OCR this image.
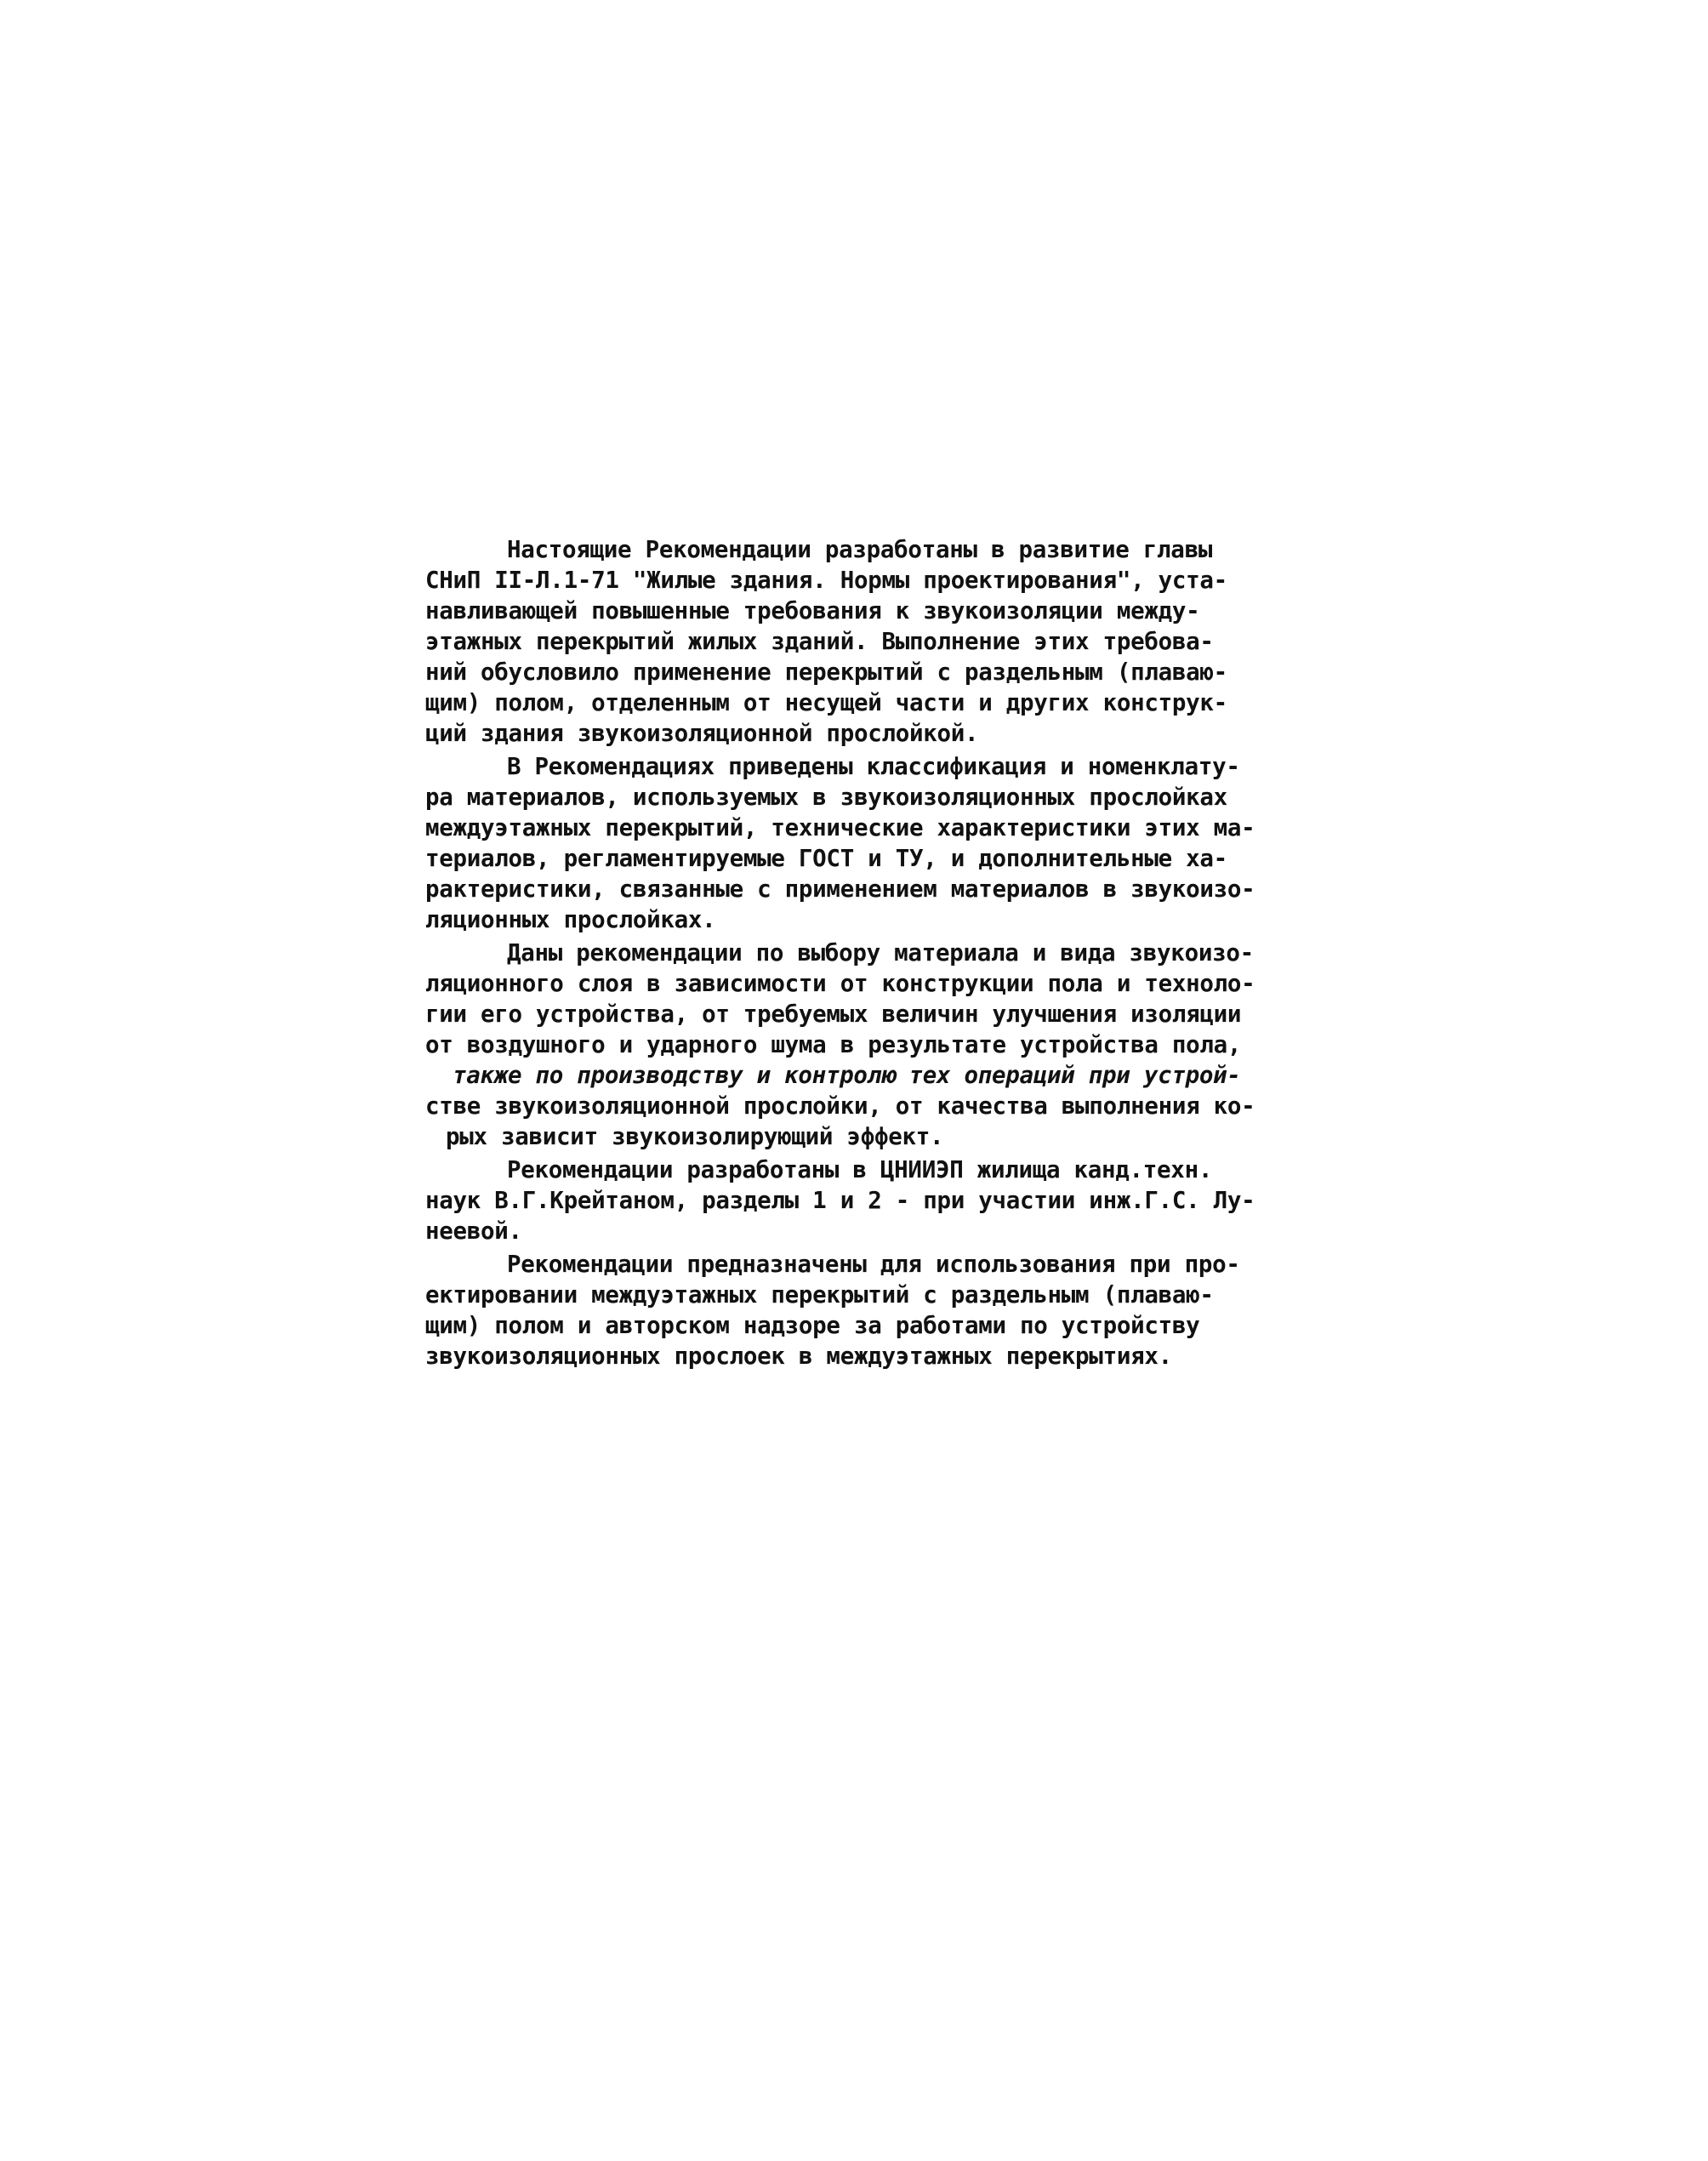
Настоящие Рекомендации разработаны в развитие главы
СНиП II-Л.1-71 "Жилые здания. Нормы проектирования", уста-
навливающей повышенные требования к звукоизоляции между-
этажных перекрытий жилых зданий. Выполнение этих требова-
ний обусловило применение перекрытий с раздельным (плаваю-
щим) полом, отделенным от несущей части и других конструк-
ций здания звукоизоляционной прослойкой.
В Рекомендациях приведены классификация и номенклату-
ра материалов, используемых в звукоизоляционных прослойках
междуэтажных перекрытий, технические характеристики этих ма-
териалов, регламентируемые ГОСТ и ТУ, и дополнительные ха-
рактеристики, связанные с применением материалов в звукоизо-
ляционных прослойках.
Даны рекомендации по выбору материала и вида звукоизо-
ляционного слоя в зависимости от конструкции пола и техноло-
гии его устройства, от требуемых величин улучшения изоляции
от воздушного и ударного шума в результате устройства пола,
также по производству и контролю тех операций при устрой-
стве звукоизоляционной прослойки, от качества выполнения ко-
рых зависит звукоизолирующий эффект.
Рекомендации разработаны в ЦНИИЭП жилища канд.техн.
наук В.Г.Крейтаном, разделы 1 и 2 - при участии инж.Г.С. Лу-
неевой.
Рекомендации предназначены для использования при про-
ектировании междуэтажных перекрытий с раздельным (плаваю-
щим) полом и авторском надзоре за работами по устройству
звукоизоляционных прослоек в междуэтажных перекрытиях.
